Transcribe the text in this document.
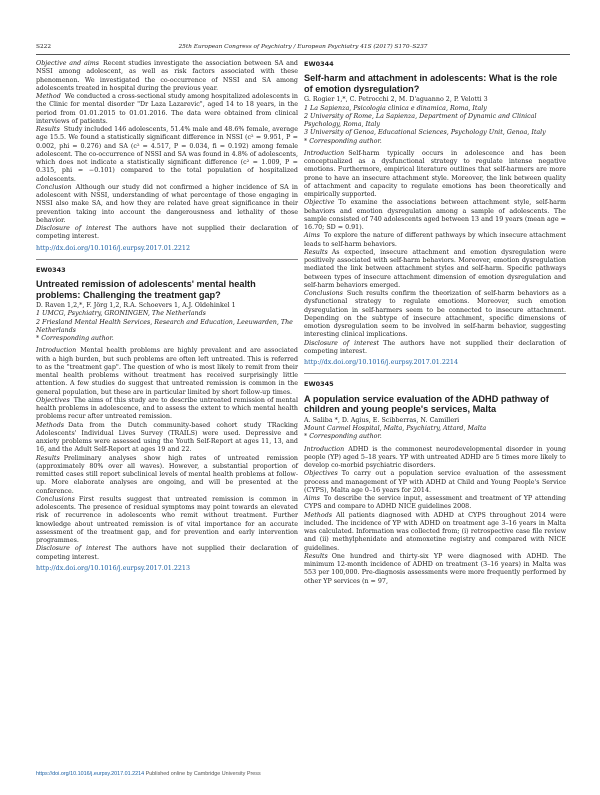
S222	25th European Congress of Psychiatry / European Psychiatry 41S (2017) S170–S237

Objective and aims Recent studies investigate the association between SA and NSSI among adolescent, as well as risk factors associated with these phenomenon. We investigated the co-occurrence of NSSI and SA among adolescents treated in hospital during the previous year.

Method We conducted a cross-sectional study among hospitalized adolescents in the Clinic for mental disorder "Dr Laza Lazarevic", aged 14 to 18 years, in the period from 01.01.2015 to 01.01.2016. The data were obtained from clinical interviews of patients.

Results Study included 146 adolescents, 51.4% male and 48.6% female, average age 15.5. We found a statistically significant difference in NSSI (c² = 9.951, P = 0.002, phi = 0.276) and SA (c² = 4.517, P = 0.034, fi = 0.192) among female adolescent. The co-occurrence of NSSI and SA was found in 4.8% of adolescents, which does not indicate a statistically significant difference (c² = 1.009, P = 0.315, phi = −0.101) compared to the total population of hospitalized adolescents.

Conclusion Although our study did not confirmed a higher incidence of SA in adolescent with NSSI, understanding of what percentage of those engaging in NSSI also make SA, and how they are related have great significance in their prevention taking into account the dangerousness and lethality of those behavior.

Disclosure of interest The authors have not supplied their declaration of competing interest.

http://dx.doi.org/10.1016/j.eurpsy.2017.01.2212
EW0343
Untreated remission of adolescents' mental health problems: Challenging the treatment gap?

D. Raven 1,2,*, F. Jörg 1,2, R.A. Schoevers 1, A.J. Oldehinkel 1

1 UMCG, Psychiatry, GRONINGEN, The Netherlands

2 Friesland Mental Health Services, Research and Education, Leeuwarden, The Netherlands

* Corresponding author.

Introduction Mental health problems are highly prevalent and are associated with a high burden, but such problems are often left untreated. This is referred to as the "treatment gap". The question of who is most likely to remit from their mental health problems without treatment has received surprisingly little attention. A few studies do suggest that untreated remission is common in the general population, but these are in particular limited by short follow-up times.

Objectives The aims of this study are to describe untreated remission of mental health problems in adolescence, and to assess the extent to which mental health problems recur after untreated remission.

Methods Data from the Dutch community-based cohort study TRacking Adolescents' Individual Lives Survey (TRAILS) were used. Depressive and anxiety problems were assessed using the Youth Self-Report at ages 11, 13, and 16, and the Adult Self-Report at ages 19 and 22.

Results Preliminary analyses show high rates of untreated remission (approximately 80% over all waves). However, a substantial proportion of remitted cases still report subclinical levels of mental health problems at follow-up. More elaborate analyses are ongoing, and will be presented at the conference.

Conclusions First results suggest that untreated remission is common in adolescents. The presence of residual symptoms may point towards an elevated risk of recurrence in adolescents who remit without treatment. Further knowledge about untreated remission is of vital importance for an accurate assessment of the treatment gap, and for prevention and early intervention programmes.

Disclosure of interest The authors have not supplied their declaration of competing interest.

http://dx.doi.org/10.1016/j.eurpsy.2017.01.2213
EW0344
Self-harm and attachment in adolescents: What is the role of emotion dysregulation?

G. Rogier 1,*, C. Petrocchi 2, M. D'aguanno 2, P. Velotti 3

1 La Sapienza, Psicologia clinica e dinamica, Roma, Italy

2 University of Rome, La Sapienza, Department of Dynamic and Clinical Psychology, Roma, Italy

3 University of Genoa, Educational Sciences, Psychology Unit, Genoa, Italy

* Corresponding author.

Introduction Self-harm typically occurs in adolescence and has been conceptualized as a dysfunctional strategy to regulate intense negative emotions. Furthermore, empirical literature outlines that self-harmers are more prone to have an insecure attachment style. Moreover, the link between quality of attachment and capacity to regulate emotions has been theoretically and empirically supported.

Objective To examine the associations between attachment style, self-harm behaviors and emotion dysregulation among a sample of adolescents. The sample consisted of 740 adolescents aged between 13 and 19 years (mean age = 16.70; SD = 0.91).

Aims To explore the nature of different pathways by which insecure attachment leads to self-harm behaviors.

Results As expected, insecure attachment and emotion dysregulation were positively associated with self-harm behaviors. Moreover, emotion dysregulation mediated the link between attachment styles and self-harm. Specific pathways between types of insecure attachment dimension of emotion dysregulation and self-harm behaviors emerged.

Conclusions Such results confirm the theorization of self-harm behaviors as a dysfunctional strategy to regulate emotions. Moreover, such emotion dysregulation in self-harmers seem to be connected to insecure attachment. Depending on the subtype of insecure attachment, specific dimensions of emotion dysregulation seem to be involved in self-harm behavior, suggesting interesting clinical implications.

Disclosure of interest The authors have not supplied their declaration of competing interest.

http://dx.doi.org/10.1016/j.eurpsy.2017.01.2214
EW0345
A population service evaluation of the ADHD pathway of children and young people's services, Malta

A. Saliba *, D. Agius, E. Scibberras, N. Camilleri

Mount Carmel Hospital, Malta, Psychiatry, Attard, Malta

* Corresponding author.

Introduction ADHD is the commonest neurodevelopmental disorder in young people (YP) aged 5–18 years. YP with untreated ADHD are 5 times more likely to develop co-morbid psychiatric disorders.

Objectives To carry out a population service evaluation of the assessment process and management of YP with ADHD at Child and Young People's Service (CYPS), Malta age 0–16 years for 2014.

Aims To describe the service input, assessment and treatment of YP attending CYPS and compare to ADHD NICE guidelines 2008.

Methods All patients diagnosed with ADHD at CYPS throughout 2014 were included. The incidence of YP with ADHD on treatment age 3–16 years in Malta was calculated. Information was collected from; (i) retrospective case file review and (ii) methylphenidate and atomoxetine registry and compared with NICE guidelines.

Results One hundred and thirty-six YP were diagnosed with ADHD. The minimum 12-month incidence of ADHD on treatment (3–16 years) in Malta was 553 per 100,000. Pre-diagnosis assessments were more frequently performed by other YP services (n = 97,

https://doi.org/10.1016/j.eurpsy.2017.01.2214 Published online by Cambridge University Press
